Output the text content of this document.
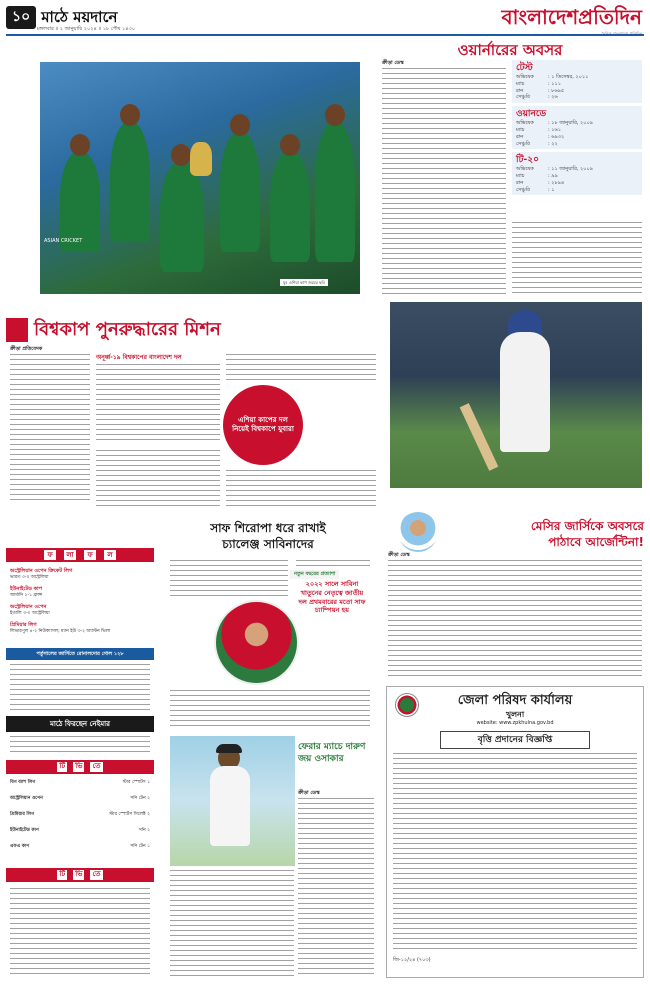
১০ মাঠে ময়দানে
মঙ্গলবার ॥ ২ জানুয়ারি ২০২৪ ॥ ১৮ পৌষ ১৪৩০	বাংলাদেশপ্রতিদিন
ওয়ার্নারের অবসর
ক্রীড়া ডেস্ক	টেস্ট
অভিষেক	: ১ ডিসেম্বর, ২০১১
ম্যাচ	: ১১১
রান	: ৮৬৯৫
সেঞ্চুরি	: ২৬
ওয়ানডে
অভিষেক	: ১৮ জানুয়ারি, ২০০৯
ম্যাচ	: ১৬১
রান	: ৬৯৩২
সেঞ্চুরি	: ২২
টি-২০
অভিষেক	: ১১ জানুয়ারি, ২০০৯
ম্যাচ	: ৯৯
রান	: ২৮৯৪
সেঞ্চুরি	: ১
ASIAN CRICKET
যুব এশিয়া কাপ জয়ের ছবি
বিশ্বকাপ পুনরুদ্ধারের মিশন
ক্রীড়া প্রতিবেদক
অনূর্ধ্ব-১৯ বিশ্বকাপের বাংলাদেশ দল
এশিয়া কাপের দল নিয়েই বিশ্বকাপে যুবারা
মেসির জার্সিকে অবসরে
পাঠাবে আর্জেন্টিনা!
ক্রীড়া ডেস্ক
সাফ শিরোপা ধরে রাখাই
চ্যালেঞ্জ সাবিনাদের
নতুন বছরের প্রত্যাশা
২০২২ সালে সাবিনা খাতুনের নেতৃত্বে জাতীয় দল প্রথমবারের মতো সাফ চ্যাম্পিয়ন হয়
ফেরার ম্যাচে দারুণ জয় ওসাকার
ক্রীড়া ডেস্ক
ফ	লা	ফ	ল
অস্ট্রেলিয়ান ওপেন ক্রিকেট লিগ
ভারত ৩-০ অস্ট্রেলিয়া
ইউনাইটেড কাপ
জার্মানি ২-১ ফ্রান্স
অস্ট্রেলিয়ান ওপেন
ইতালি ৩-০ অস্ট্রেলিয়া
প্রিমিয়ার লিগ
লিভারপুল ৪-২ নিউক্যাসল; ম্যান ইউ ৩-২ অ্যাস্টন ভিলা
পর্তুগালের জার্সিতে রোনালদোর গোল ১২৮
মাঠে ফিরছেন নেইমার
টি ভি তে
বিগ ব্যাশ লিগ	স্টার স্পোর্টস ১
অস্ট্রেলিয়ান ওপেন	সনি টেন ২
প্রিমিয়ার লিগ	স্টার স্পোর্টস সিলেক্ট ২
ইউনাইটেড কাপ	সনি ২
এফএ কাপ	সনি টেন ১
টি ভি তে
জেলা পরিষদ কার্যালয়
খুলনা
website: www.zpkhulna.gov.bd
বৃত্তি প্রদানের বিজ্ঞপ্তি
জি-১২/২৪ (৭০৩)
